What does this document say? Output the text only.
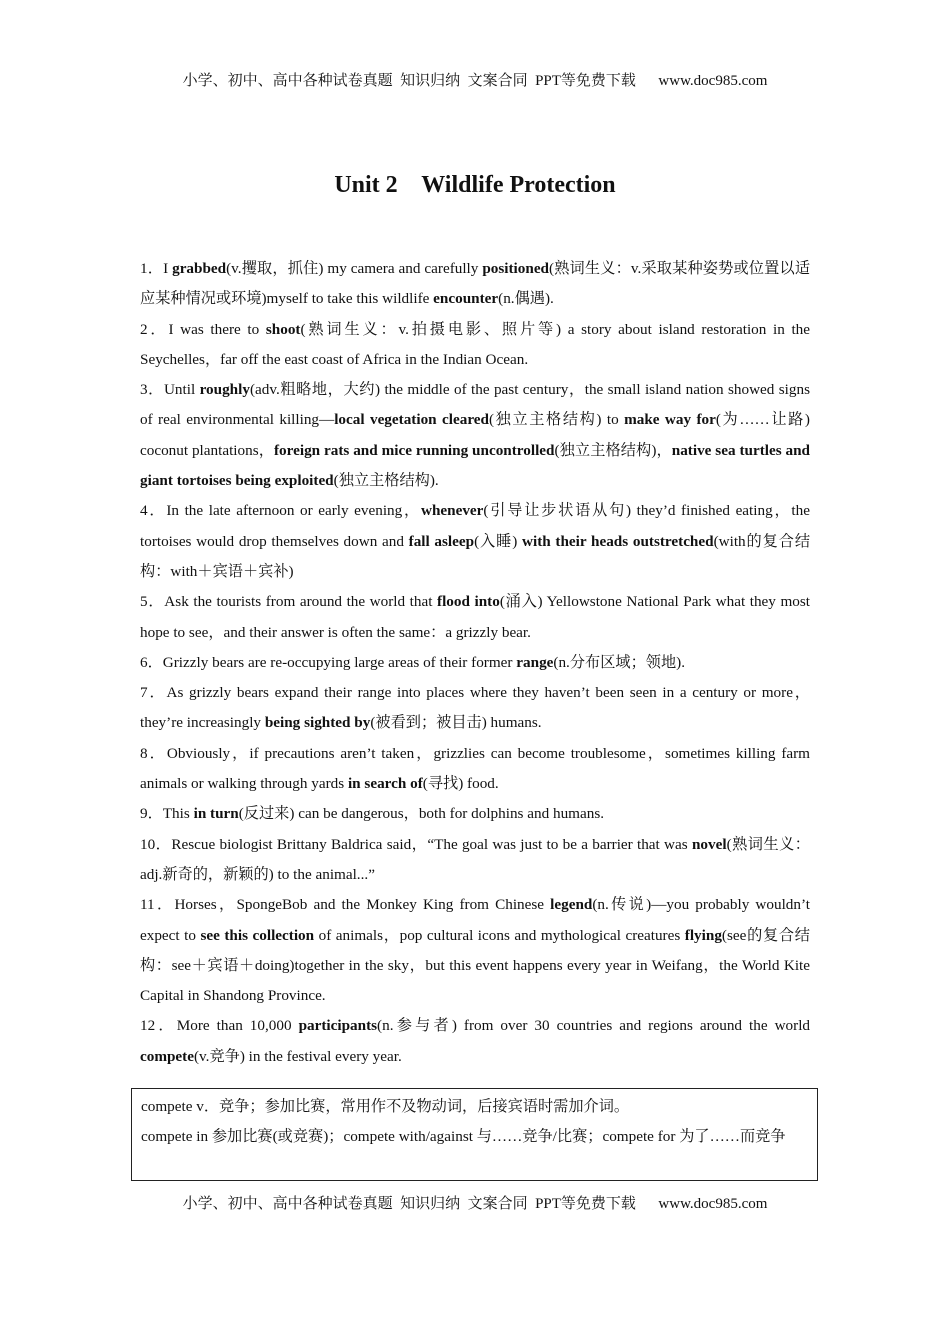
小学、初中、高中各种试卷真题  知识归纳  文案合同  PPT等免费下载      www.doc985.com
Unit 2    Wildlife Protection

1．I grabbed(v.攫取，抓住) my camera and carefully positioned(熟词生义：v.采取某种姿势或位置以适应某种情况或环境)myself to take this wildlife encounter(n.偶遇).

2．I was there to shoot(熟词生义：v.拍摄电影、照片等) a story about island restoration in the Seychelles，far off the east coast of Africa in the Indian Ocean.

3．Until roughly(adv.粗略地，大约) the middle of the past century，the small island nation showed signs of real environmental killing—local vegetation cleared(独立主格结构) to make way for(为……让路) coconut plantations，foreign rats and mice running uncontrolled(独立主格结构)，native sea turtles and giant tortoises being exploited(独立主格结构).

4．In the late afternoon or early evening，whenever(引导让步状语从句) they’d finished eating，the tortoises would drop themselves down and fall asleep(入睡) with their heads outstretched(with的复合结构：with＋宾语＋宾补)

5．Ask the tourists from around the world that flood into(涌入) Yellowstone National Park what they most hope to see，and their answer is often the same：a grizzly bear.

6．Grizzly bears are re-occupying large areas of their former range(n.分布区域；领地).

7．As grizzly bears expand their range into places where they haven’t been seen in a century or more，they’re increasingly being sighted by(被看到；被目击) humans.

8．Obviously，if precautions aren’t taken，grizzlies can become troublesome，sometimes killing farm animals or walking through yards in search of(寻找) food.

9．This in turn(反过来) can be dangerous，both for dolphins and humans.

10．Rescue biologist Brittany Baldrica said，“The goal was just to be a barrier that was novel(熟词生义：adj.新奇的，新颖的) to the animal...”

11．Horses，SpongeBob and the Monkey King from Chinese legend(n.传说)—you probably wouldn’t expect to see this collection of animals，pop cultural icons and mythological creatures flying(see的复合结构：see＋宾语＋doing)together in the sky，but this event happens every year in Weifang，the World Kite Capital in Shandong Province.

12．More than 10,000 participants(n.参与者) from over 30 countries and regions around the world compete(v.竞争) in the festival every year.

compete v．竞争；参加比赛，常用作不及物动词，后接宾语时需加介词。

compete in 参加比赛(或竞赛)；compete with/against 与……竞争/比赛；compete for 为了……而竞争

小学、初中、高中各种试卷真题  知识归纳  文案合同  PPT等免费下载      www.doc985.com
